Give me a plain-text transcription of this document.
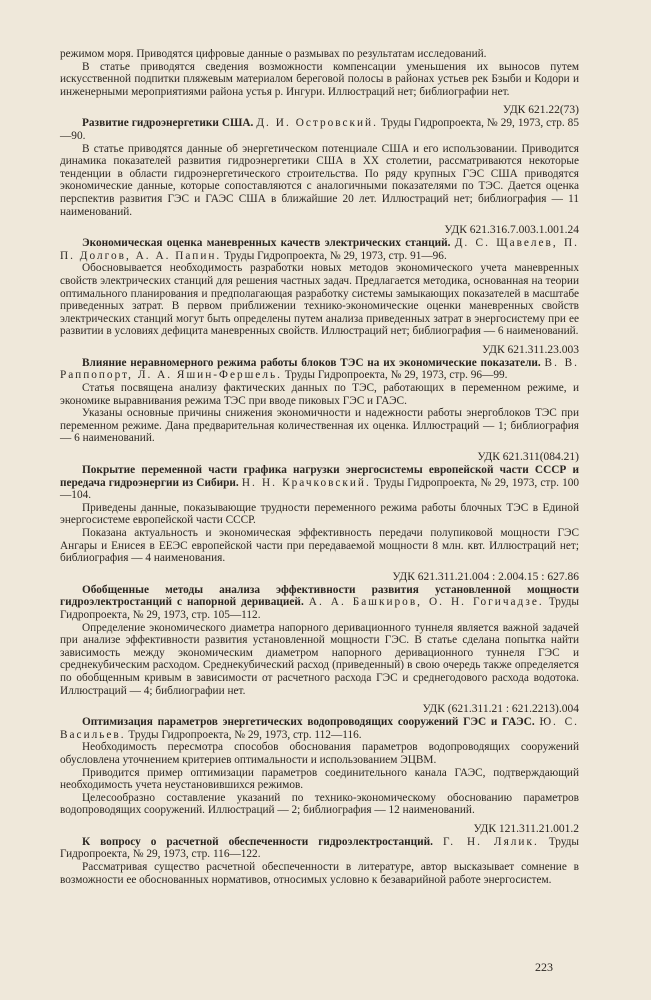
режимом моря. Приводятся цифровые данные о размывах по результатам исследований.

В статье приводятся сведения возможности компенсации уменьшения их выносов путем искусственной подпитки пляжевым материалом береговой полосы в районах устьев рек Бзыби и Кодори и инженерными мероприятиями района устья р. Ингури. Иллюстраций нет; библиографии нет.

УДК 621.22(73)

Развитие гидроэнергетики США. Д. И. Островский. Труды Гидропроекта, № 29, 1973, стр. 85—90.

В статье приводятся данные об энергетическом потенциале США и его использовании. Приводится динамика показателей развития гидроэнергетики США в XX столетии, рассматриваются некоторые тенденции в области гидроэнергетического строительства. По ряду крупных ГЭС США приводятся экономические данные, которые сопоставляются с аналогичными показателями по ТЭС. Дается оценка перспектив развития ГЭС и ГАЭС США в ближайшие 20 лет. Иллюстраций нет; библиография — 11 наименований.

УДК 621.316.7.003.1.001.24

Экономическая оценка маневренных качеств электрических станций. Д. С. Щавелев, П. П. Долгов, А. А. Папин. Труды Гидропроекта, № 29, 1973, стр. 91—96.

Обосновывается необходимость разработки новых методов экономического учета маневренных свойств электрических станций для решения частных задач. Предлагается методика, основанная на теории оптимального планирования и предполагающая разработку системы замыкающих показателей в масштабе приведенных затрат. В первом приближении технико-экономические оценки маневренных свойств электрических станций могут быть определены путем анализа приведенных затрат в энергосистему при ее развитии в условиях дефицита маневренных свойств. Иллюстраций нет; библиография — 6 наименований.

УДК 621.311.23.003

Влияние неравномерного режима работы блоков ТЭС на их экономические показатели. В. В. Раппопорт, Л. А. Яшин-Фершель. Труды Гидропроекта, № 29, 1973, стр. 96—99.

Статья посвящена анализу фактических данных по ТЭС, работающих в переменном режиме, и экономике выравнивания режима ТЭС при вводе пиковых ГЭС и ГАЭС.

Указаны основные причины снижения экономичности и надежности работы энергоблоков ТЭС при переменном режиме. Дана предварительная количественная их оценка. Иллюстраций — 1; библиография — 6 наименований.

УДК 621.311(084.21)

Покрытие переменной части графика нагрузки энергосистемы европейской части СССР и передача гидроэнергии из Сибири. Н. Н. Крачковский. Труды Гидропроекта, № 29, 1973, стр. 100—104.

Приведены данные, показывающие трудности переменного режима работы блочных ТЭС в Единой энергосистеме европейской части СССР.

Показана актуальность и экономическая эффективность передачи полупиковой мощности ГЭС Ангары и Енисея в ЕЕЭС европейской части при передаваемой мощности 8 млн. квт. Иллюстраций нет; библиография — 4 наименования.

УДК 621.311.21.004 : 2.004.15 : 627.86

Обобщенные методы анализа эффективности развития установленной мощности гидроэлектростанций с напорной деривацией. А. А. Башкиров, О. Н. Гогичадзе. Труды Гидропроекта, № 29, 1973, стр. 105—112.

Определение экономического диаметра напорного деривационного туннеля является важной задачей при анализе эффективности развития установленной мощности ГЭС. В статье сделана попытка найти зависимость между экономическим диаметром напорного деривационного туннеля ГЭС и среднекубическим расходом. Среднекубический расход (приведенный) в свою очередь также определяется по обобщенным кривым в зависимости от расчетного расхода ГЭС и среднегодового расхода водотока. Иллюстраций — 4; библиографии нет.

УДК (621.311.21 : 621.2213).004

Оптимизация параметров энергетических водопроводящих сооружений ГЭС и ГАЭС. Ю. С. Васильев. Труды Гидропроекта, № 29, 1973, стр. 112—116.

Необходимость пересмотра способов обоснования параметров водопроводящих сооружений обусловлена уточнением критериев оптимальности и использованием ЭЦВМ.

Приводится пример оптимизации параметров соединительного канала ГАЭС, подтверждающий необходимость учета неустановившихся режимов.

Целесообразно составление указаний по технико-экономическому обоснованию параметров водопроводящих сооружений. Иллюстраций — 2; библиография — 12 наименований.

УДК 121.311.21.001.2

К вопросу о расчетной обеспеченности гидроэлектростанций. Г. Н. Лялик. Труды Гидропроекта, № 29, 1973, стр. 116—122.

Рассматривая существо расчетной обеспеченности в литературе, автор высказывает сомнение в возможности ее обоснованных нормативов, относимых условно к безаварийной работе энергосистем.

223
